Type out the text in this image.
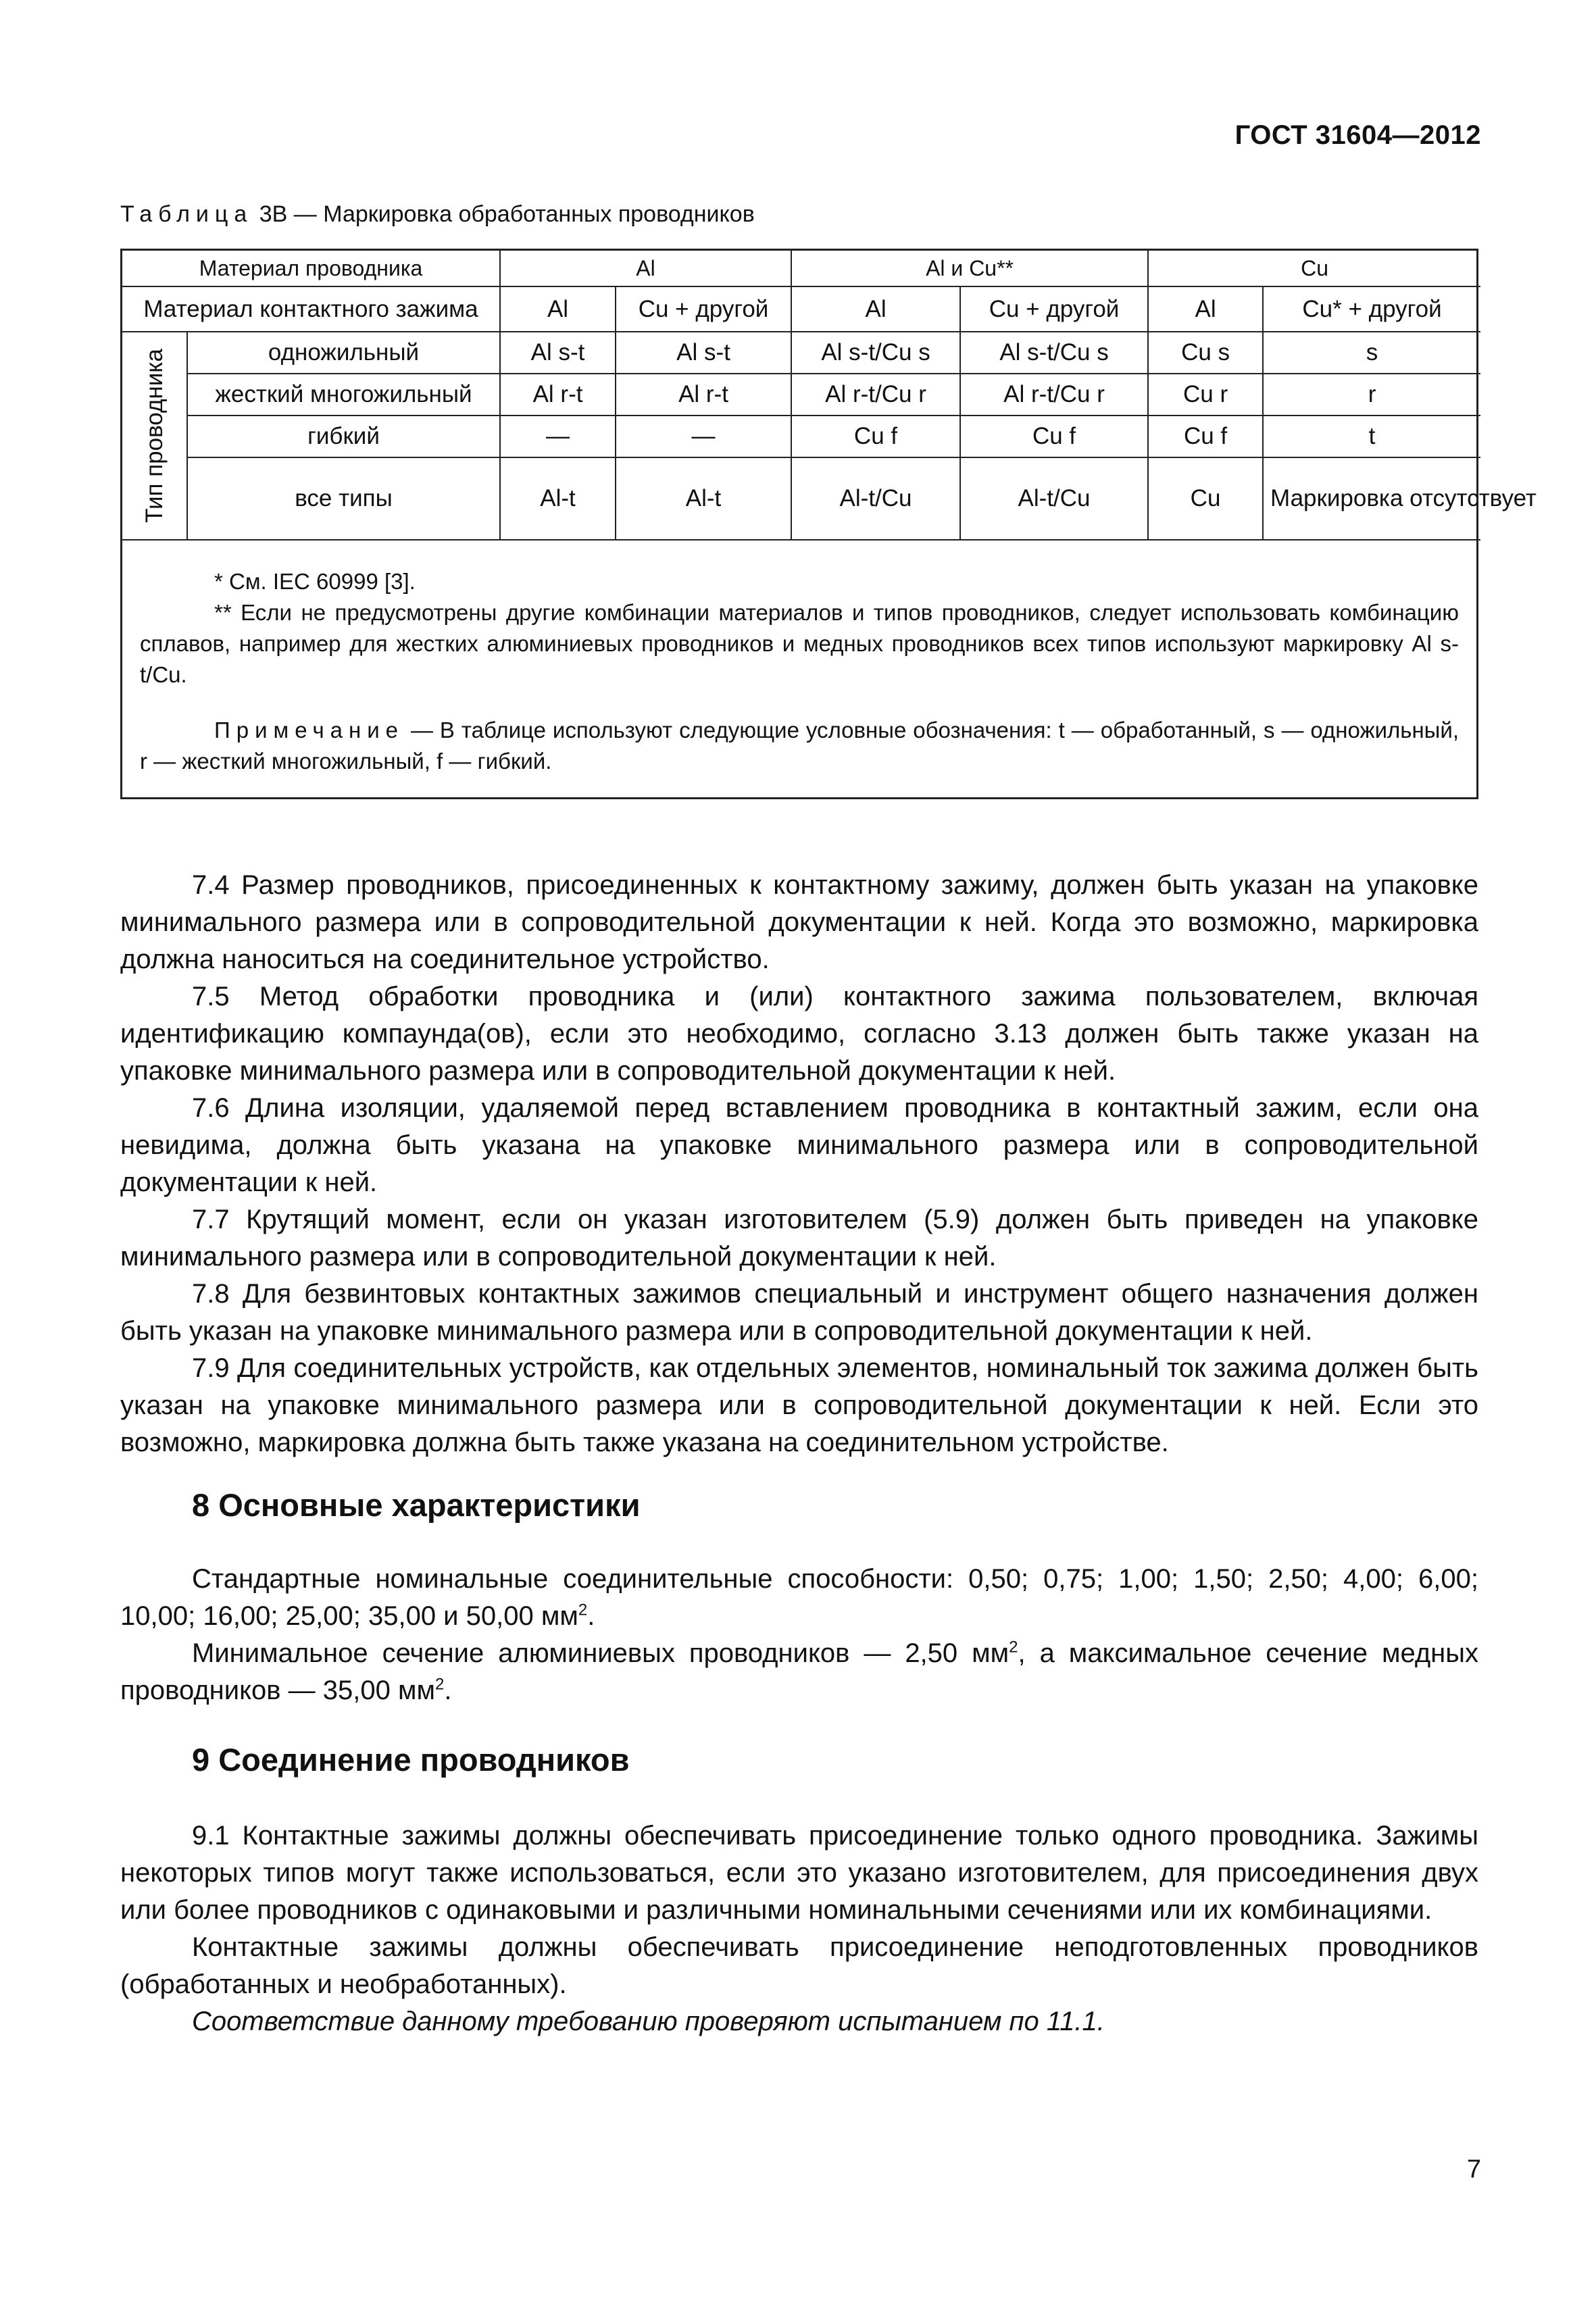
ГОСТ 31604—2012
Таблица 3В — Маркировка обработанных проводников
Материал проводника		Al		Al и Cu**		Cu	
Материал контактного зажима		Al	Cu + другой	Al	Cu + другой	Al	Cu* + другой

Тип проводника	одножильный	Al s-t	Al s-t	Al s-t/Cu s	Al s-t/Cu s	Cu s	s
	жесткий многожильный	Al r-t	Al r-t	Al r-t/Cu r	Al r-t/Cu r	Cu r	r
	гибкий	—	—	Cu f	Cu f	Cu f	t
	все типы	Al-t	Al-t	Al-t/Cu	Al-t/Cu	Cu	Маркировка отсутствует

* См. IEC 60999 [3].

** Если не предусмотрены другие комбинации материалов и типов проводников, следует использовать комбинацию сплавов, например для жестких алюминиевых проводников и медных проводников всех типов используют маркировку Al s-t/Cu.

Примечание — В таблице используют следующие условные обозначения: t — обработанный, s — одножильный, r — жесткий многожильный, f — гибкий.

7.4 Размер проводников, присоединенных к контактному зажиму, должен быть указан на упаковке минимального размера или в сопроводительной документации к ней. Когда это возможно, маркировка должна наноситься на соединительное устройство.

7.5 Метод обработки проводника и (или) контактного зажима пользователем, включая идентификацию компаунда(ов), если это необходимо, согласно 3.13 должен быть также указан на упаковке минимального размера или в сопроводительной документации к ней.

7.6 Длина изоляции, удаляемой перед вставлением проводника в контактный зажим, если она невидима, должна быть указана на упаковке минимального размера или в сопроводительной документации к ней.

7.7 Крутящий момент, если он указан изготовителем (5.9) должен быть приведен на упаковке минимального размера или в сопроводительной документации к ней.

7.8 Для безвинтовых контактных зажимов специальный и инструмент общего назначения должен быть указан на упаковке минимального размера или в сопроводительной документации к ней.

7.9 Для соединительных устройств, как отдельных элементов, номинальный ток зажима должен быть указан на упаковке минимального размера или в сопроводительной документации к ней. Если это возможно, маркировка должна быть также указана на соединительном устройстве.

8 Основные характеристики

Стандартные номинальные соединительные способности: 0,50; 0,75; 1,00; 1,50; 2,50; 4,00; 6,00; 10,00; 16,00; 25,00; 35,00 и 50,00 $мм^2$.

Минимальное сечение алюминиевых проводников — 2,50 $мм^2$, а максимальное сечение медных проводников — 35,00 $мм^2$.

9 Соединение проводников

9.1 Контактные зажимы должны обеспечивать присоединение только одного проводника. Зажимы некоторых типов могут также использоваться, если это указано изготовителем, для присоединения двух или более проводников с одинаковыми и различными номинальными сечениями или их комбинациями.

Контактные зажимы должны обеспечивать присоединение неподготовленных проводников (обработанных и необработанных).

Соответствие данному требованию проверяют испытанием по 11.1.

7
